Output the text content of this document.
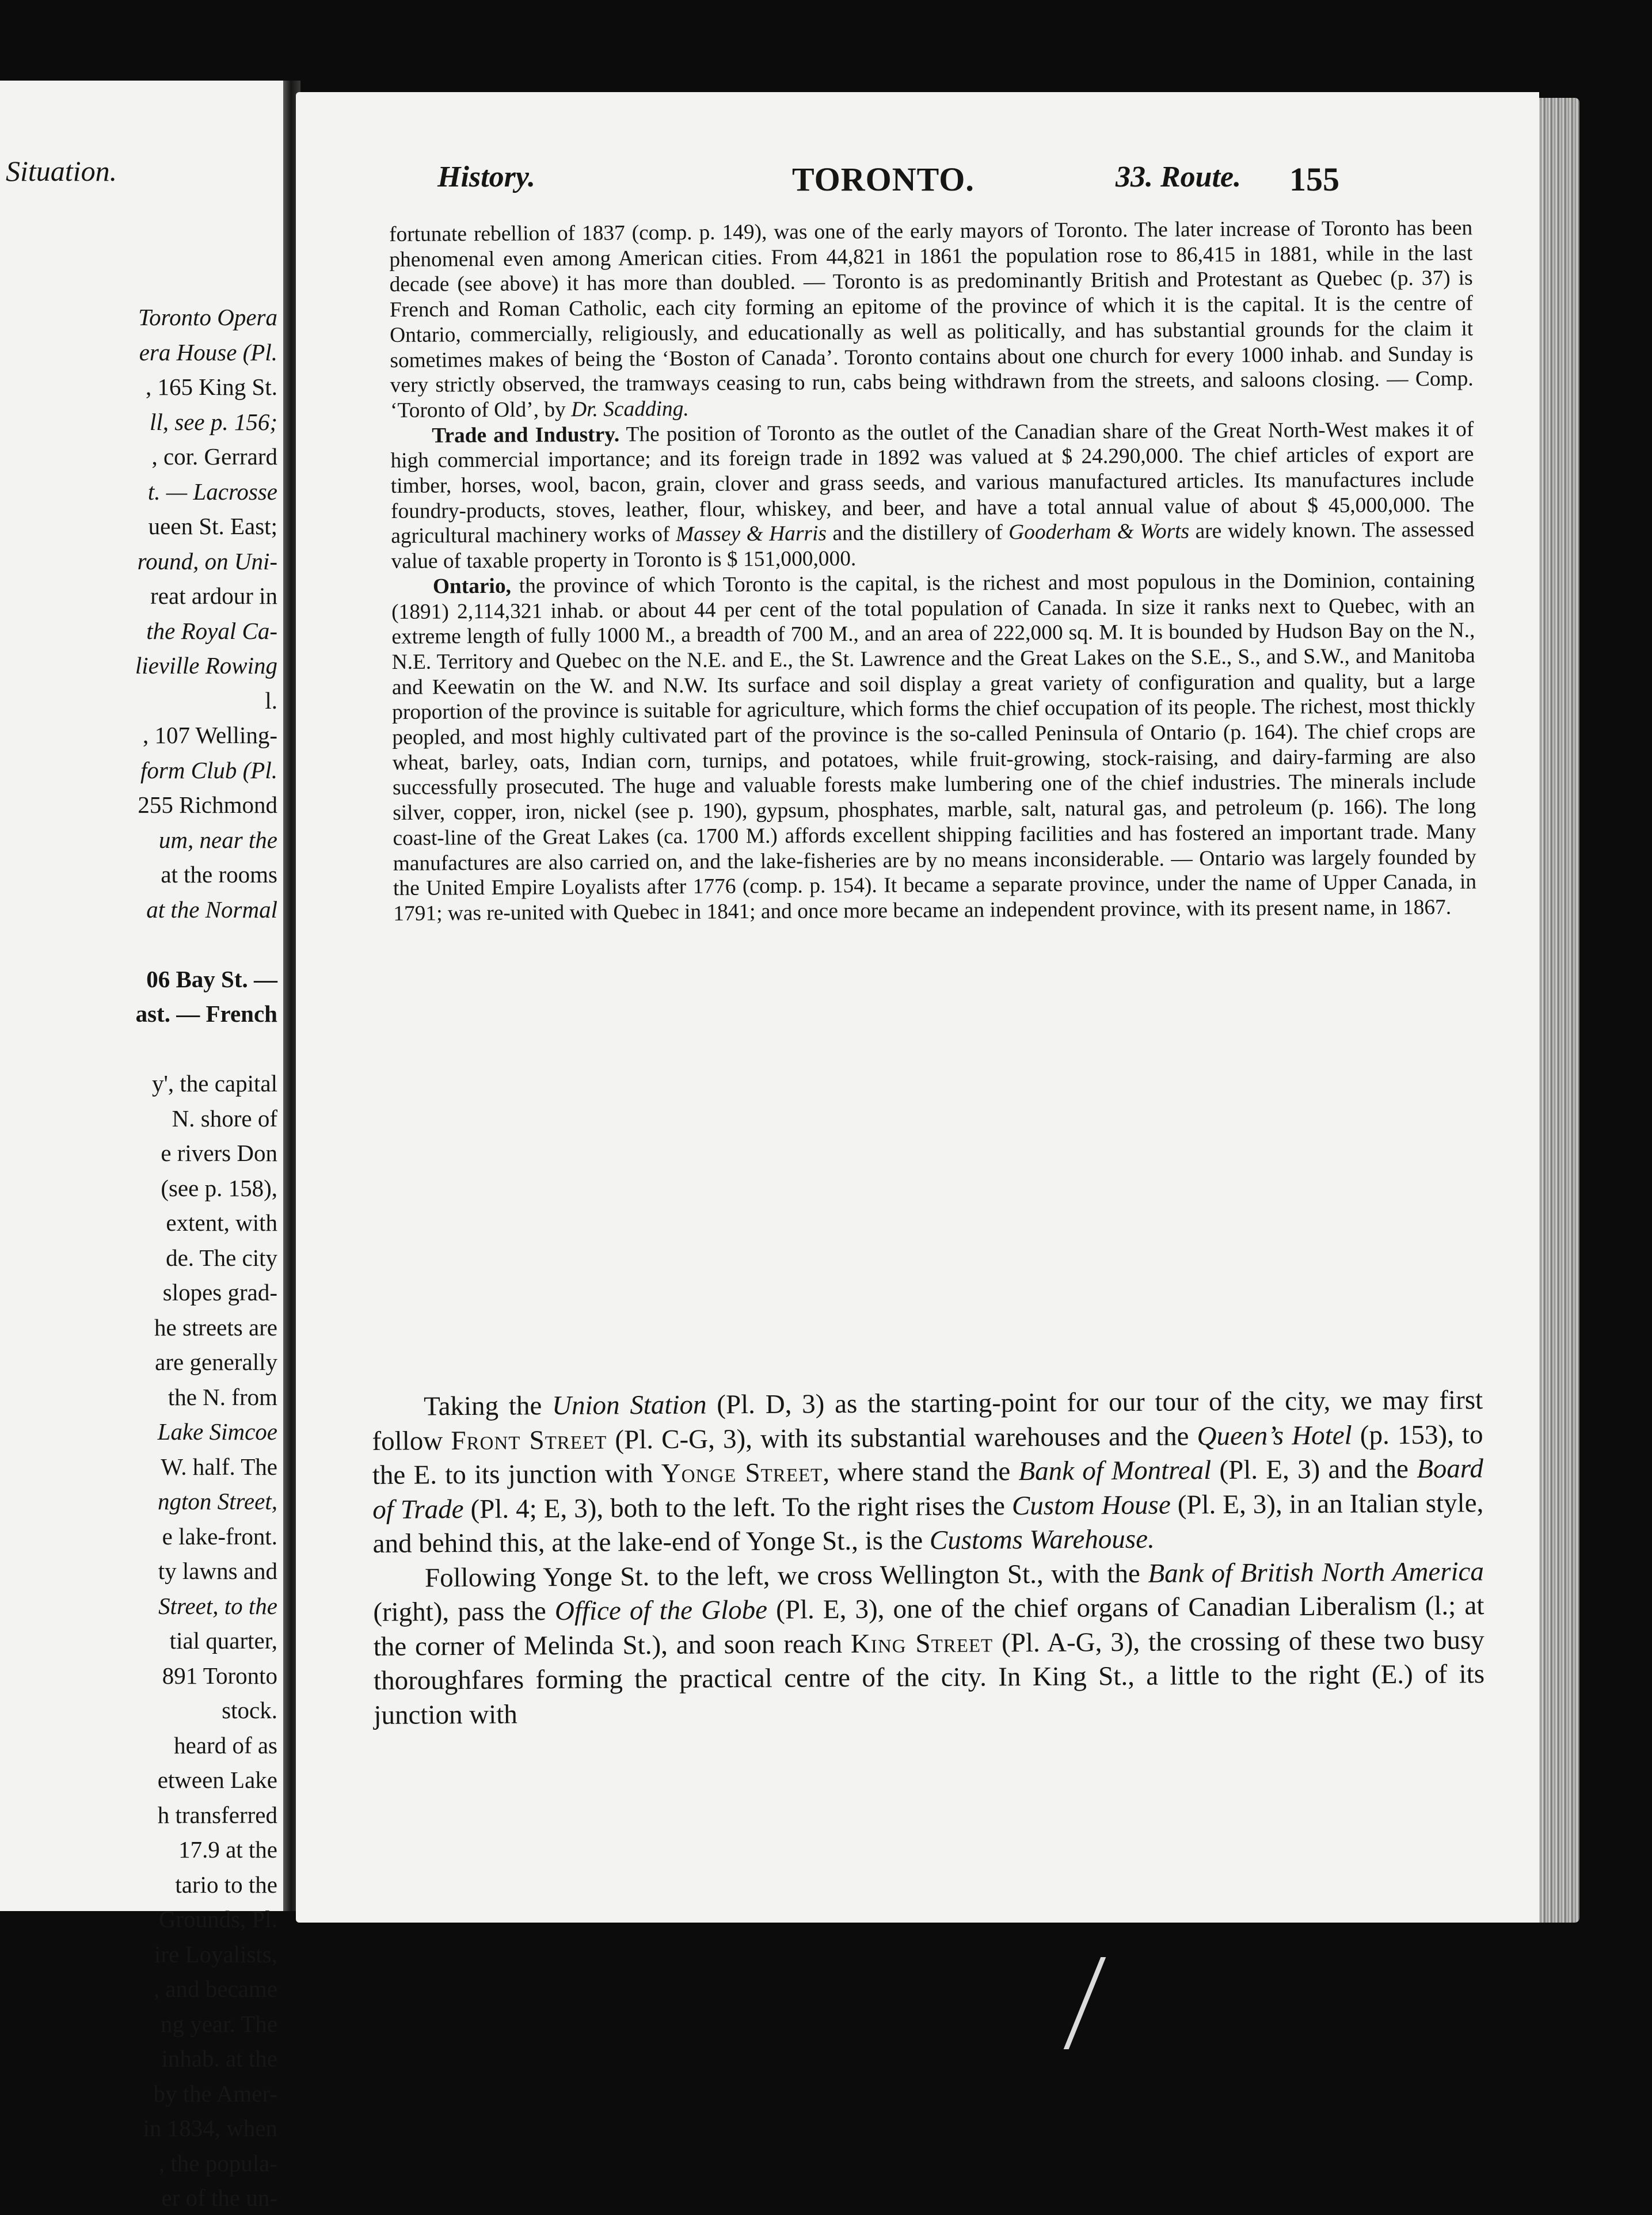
Situation.
Toronto Opera
era House (Pl.
, 165 King St.
ll, see p. 156;
, cor. Gerrard
t. — Lacrosse
ueen St. East;
round, on Uni-
reat ardour in
the Royal Ca-
lieville Rowing
l.
, 107 Welling-
form Club (Pl.
255 Richmond
um, near the
at the rooms
at the Normal
06 Bay St. —
ast. — French
y', the capital
N. shore of
e rivers Don
(see p. 158),
extent, with
de. The city
slopes grad-
he streets are
are generally
the N. from
Lake Simcoe
W. half. The
ngton Street,
e lake-front.
ty lawns and
Street, to the
tial quarter,
891 Toronto
stock.
heard of as
etween Lake
h transferred
17.9 at the
tario to the
Grounds, Pl.
ire Loyalists,
, and became
ng year. The
inhab. at the
by the Amer-
in 1834, when
, the popula-
er of the un-
History.	TORONTO.	33. Route. 155

fortunate rebellion of 1837 (comp. p. 149), was one of the early mayors of Toronto. The later increase of Toronto has been phenomenal even among American cities. From 44,821 in 1861 the population rose to 86,415 in 1881, while in the last decade (see above) it has more than doubled. — Toronto is as predominantly British and Protestant as Quebec (p. 37) is French and Roman Catholic, each city forming an epitome of the province of which it is the capital. It is the centre of Ontario, commercially, religiously, and educationally as well as politically, and has substantial grounds for the claim it sometimes makes of being the ‘Boston of Canada’. Toronto contains about one church for every 1000 inhab. and Sunday is very strictly observed, the tramways ceasing to run, cabs being withdrawn from the streets, and saloons closing. — Comp. ‘Toronto of Old’, by Dr. Scadding.

Trade and Industry. The position of Toronto as the outlet of the Canadian share of the Great North-West makes it of high commercial importance; and its foreign trade in 1892 was valued at $ 24.290,000. The chief articles of export are timber, horses, wool, bacon, grain, clover and grass seeds, and various manufactured articles. Its manufactures include foundry-products, stoves, leather, flour, whiskey, and beer, and have a total annual value of about $ 45,000,000. The agricultural machinery works of Massey & Harris and the distillery of Gooderham & Worts are widely known. The assessed value of taxable property in Toronto is $ 151,000,000.

Ontario, the province of which Toronto is the capital, is the richest and most populous in the Dominion, containing (1891) 2,114,321 inhab. or about 44 per cent of the total population of Canada. In size it ranks next to Quebec, with an extreme length of fully 1000 M., a breadth of 700 M., and an area of 222,000 sq. M. It is bounded by Hudson Bay on the N., N.E. Territory and Quebec on the N.E. and E., the St. Lawrence and the Great Lakes on the S.E., S., and S.W., and Manitoba and Keewatin on the W. and N.W. Its surface and soil display a great variety of configuration and quality, but a large proportion of the province is suitable for agriculture, which forms the chief occupation of its people. The richest, most thickly peopled, and most highly cultivated part of the province is the so-called Peninsula of Ontario (p. 164). The chief crops are wheat, barley, oats, Indian corn, turnips, and potatoes, while fruit-growing, stock-raising, and dairy-farming are also successfully prosecuted. The huge and valuable forests make lumbering one of the chief industries. The minerals include silver, copper, iron, nickel (see p. 190), gypsum, phosphates, marble, salt, natural gas, and petroleum (p. 166). The long coast-line of the Great Lakes (ca. 1700 M.) affords excellent shipping facilities and has fostered an important trade. Many manufactures are also carried on, and the lake-fisheries are by no means inconsiderable. — Ontario was largely founded by the United Empire Loyalists after 1776 (comp. p. 154). It became a separate province, under the name of Upper Canada, in 1791; was re-united with Quebec in 1841; and once more became an independent province, with its present name, in 1867.

Taking the Union Station (Pl. D, 3) as the starting-point for our tour of the city, we may first follow Front Street (Pl. C-G, 3), with its substantial warehouses and the Queen’s Hotel (p. 153), to the E. to its junction with Yonge Street, where stand the Bank of Montreal (Pl. E, 3) and the Board of Trade (Pl. 4; E, 3), both to the left. To the right rises the Custom House (Pl. E, 3), in an Italian style, and behind this, at the lake-end of Yonge St., is the Customs Warehouse.

Following Yonge St. to the left, we cross Wellington St., with the Bank of British North America (right), pass the Office of the Globe (Pl. E, 3), one of the chief organs of Canadian Liberalism (l.; at the corner of Melinda St.), and soon reach King Street (Pl. A-G, 3), the crossing of these two busy thoroughfares forming the practical centre of the city. In King St., a little to the right (E.) of its junction with
